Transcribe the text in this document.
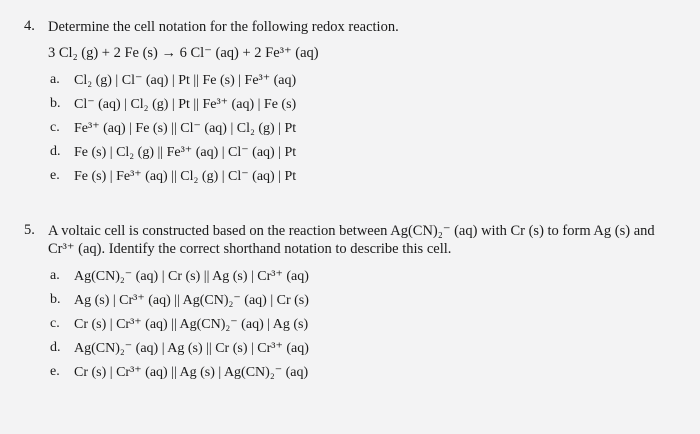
4. Determine the cell notation for the following redox reaction.
3 Cl₂ (g) + 2 Fe (s) → 6 Cl⁻ (aq) + 2 Fe³⁺ (aq)
a. Cl₂ (g) | Cl⁻ (aq) | Pt || Fe (s) | Fe³⁺ (aq)
b. Cl⁻ (aq) | Cl₂ (g) | Pt || Fe³⁺ (aq) | Fe (s)
c. Fe³⁺ (aq) | Fe (s) || Cl⁻ (aq) | Cl₂ (g) | Pt
d. Fe (s) | Cl₂ (g) || Fe³⁺ (aq) | Cl⁻ (aq) | Pt
e. Fe (s) | Fe³⁺ (aq) || Cl₂ (g) | Cl⁻ (aq) | Pt
5. A voltaic cell is constructed based on the reaction between Ag(CN)₂⁻ (aq) with Cr (s) to form Ag (s) and
Cr³⁺ (aq). Identify the correct shorthand notation to describe this cell.
a. Ag(CN)₂⁻ (aq) | Cr (s) || Ag (s) | Cr³⁺ (aq)
b. Ag (s) | Cr³⁺ (aq) || Ag(CN)₂⁻ (aq) | Cr (s)
c. Cr (s) | Cr³⁺ (aq) || Ag(CN)₂⁻ (aq) | Ag (s)
d. Ag(CN)₂⁻ (aq) | Ag (s) || Cr (s) | Cr³⁺ (aq)
e. Cr (s) | Cr³⁺ (aq) || Ag (s) | Ag(CN)₂⁻ (aq)
